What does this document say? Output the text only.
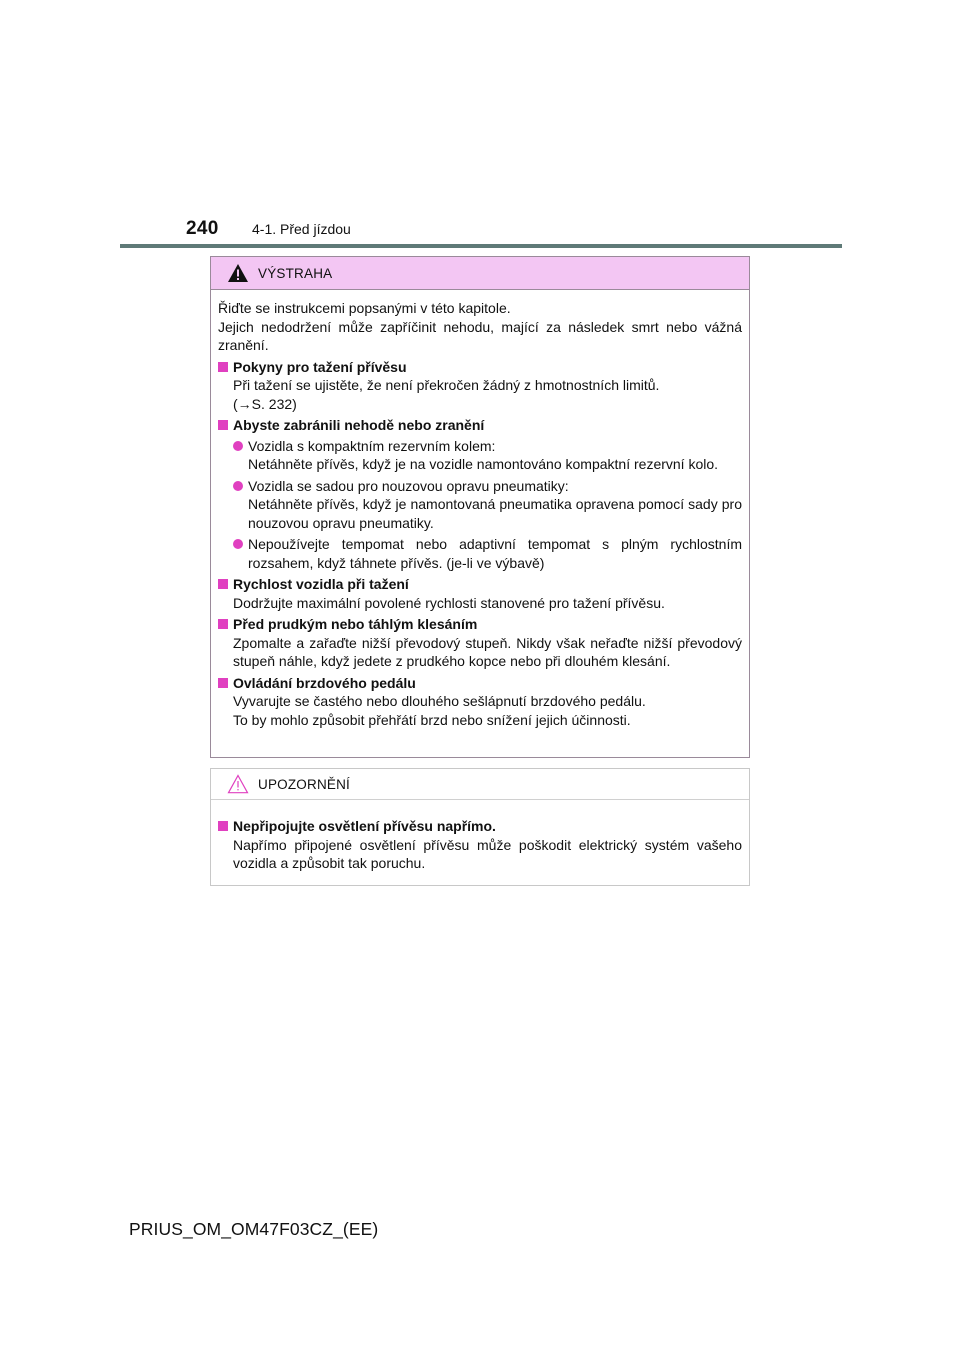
240	4-1. Před jízdou
VÝSTRAHA

Řiďte se instrukcemi popsanými v této kapitole.

Jejich nedodržení může zapříčinit nehodu, mající za následek smrt nebo vážná zranění.

Pokyny pro tažení přívěsu

Při tažení se ujistěte, že není překročen žádný z hmotnostních limitů.

(→S. 232)

Abyste zabránili nehodě nebo zranění

Vozidla s kompaktním rezervním kolem:

Netáhněte přívěs, když je na vozidle namontováno kompaktní rezervní kolo.

Vozidla se sadou pro nouzovou opravu pneumatiky:

Netáhněte přívěs, když je namontovaná pneumatika opravena pomocí sady pro nouzovou opravu pneumatiky.

Nepoužívejte tempomat nebo adaptivní tempomat s plným rychlostním rozsahem, když táhnete přívěs. (je-li ve výbavě)

Rychlost vozidla při tažení

Dodržujte maximální povolené rychlosti stanovené pro tažení přívěsu.

Před prudkým nebo táhlým klesáním

Zpomalte a zařaďte nižší převodový stupeň. Nikdy však neřaďte nižší převodový stupeň náhle, když jedete z prudkého kopce nebo při dlouhém klesání.

Ovládání brzdového pedálu

Vyvarujte se častého nebo dlouhého sešlápnutí brzdového pedálu.

To by mohlo způsobit přehřátí brzd nebo snížení jejich účinnosti.

UPOZORNĚNÍ
Nepřipojujte osvětlení přívěsu napřímo.

Napřímo připojené osvětlení přívěsu může poškodit elektrický systém vašeho vozidla a způsobit tak poruchu.

PRIUS_OM_OM47F03CZ_(EE)
